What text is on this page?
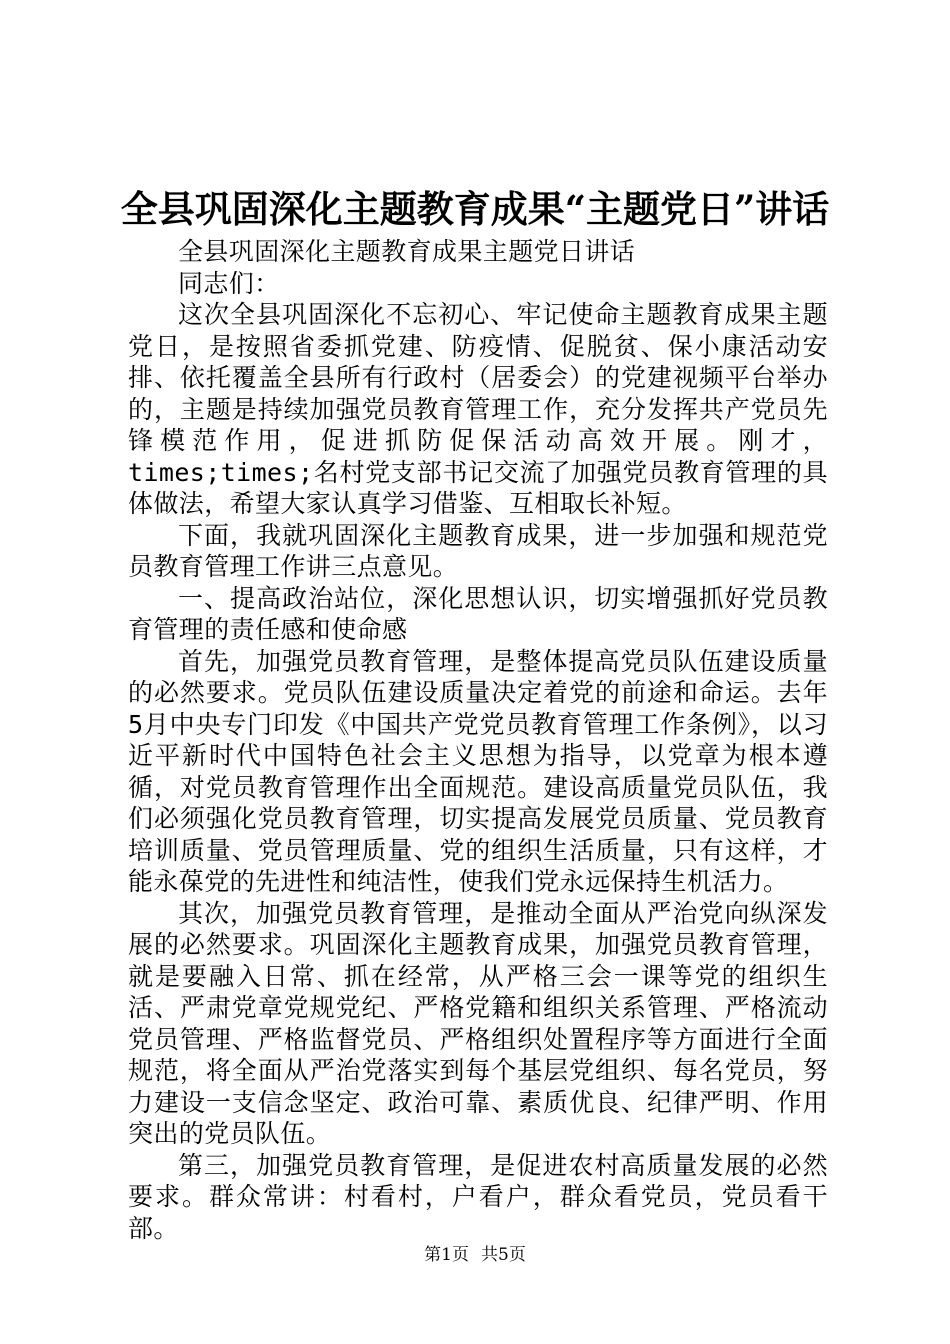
全县巩固深化主题教育成果“主题党日”讲话

全县巩固深化主题教育成果主题党日讲话

同志们：

这次全县巩固深化不忘初心、牢记使命主题教育成果主题党日，是按照省委抓党建、防疫情、促脱贫、保小康活动安排、依托覆盖全县所有行政村（居委会）的党建视频平台举办的，主题是持续加强党员教育管理工作，充分发挥共产党员先锋模范作用，促进抓防促保活动高效开展。刚才，times;times;名村党支部书记交流了加强党员教育管理的具体做法，希望大家认真学习借鉴、互相取长补短。

下面，我就巩固深化主题教育成果，进一步加强和规范党员教育管理工作讲三点意见。

一、提高政治站位，深化思想认识，切实增强抓好党员教育管理的责任感和使命感

首先，加强党员教育管理，是整体提高党员队伍建设质量的必然要求。党员队伍建设质量决定着党的前途和命运。去年5月中央专门印发《中国共产党党员教育管理工作条例》，以习近平新时代中国特色社会主义思想为指导，以党章为根本遵循，对党员教育管理作出全面规范。建设高质量党员队伍，我们必须强化党员教育管理，切实提高发展党员质量、党员教育培训质量、党员管理质量、党的组织生活质量，只有这样，才能永葆党的先进性和纯洁性，使我们党永远保持生机活力。

其次，加强党员教育管理，是推动全面从严治党向纵深发展的必然要求。巩固深化主题教育成果，加强党员教育管理，就是要融入日常、抓在经常，从严格三会一课等党的组织生活、严肃党章党规党纪、严格党籍和组织关系管理、严格流动党员管理、严格监督党员、严格组织处置程序等方面进行全面规范，将全面从严治党落实到每个基层党组织、每名党员，努力建设一支信念坚定、政治可靠、素质优良、纪律严明、作用突出的党员队伍。

第三，加强党员教育管理，是促进农村高质量发展的必然要求。群众常讲：村看村，户看户，群众看党员，党员看干部。

第1页 共5页
